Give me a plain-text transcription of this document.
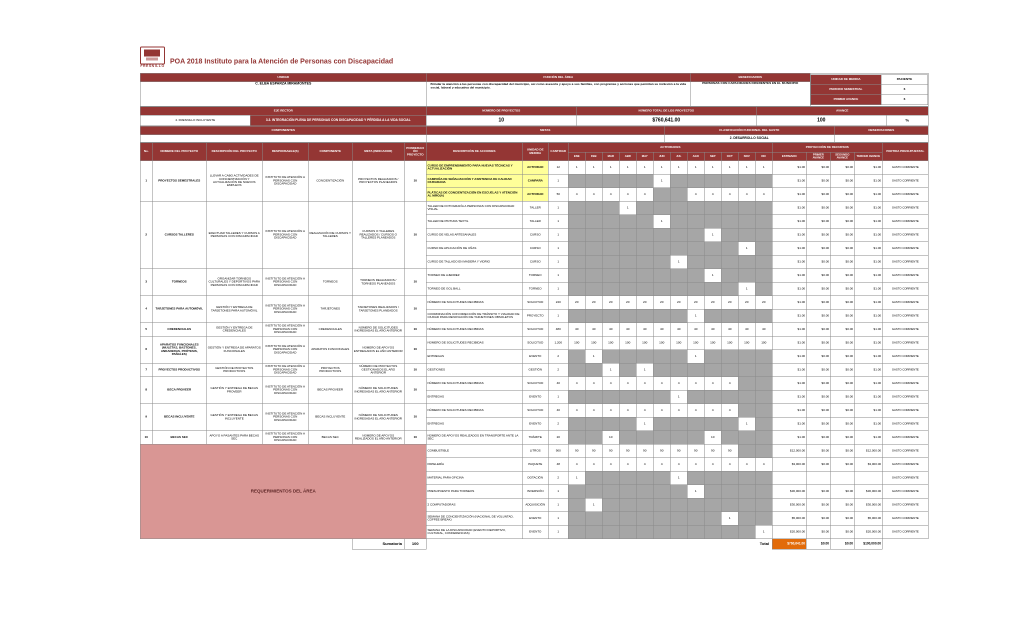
FRESNILLO
POA 2018 Instituto para la Atención de Personas con Discapacidad
UNIDAD	FUNCIÓN DEL ÁREA	BENEFICIARIOS	
UNIDAD DE MEDIDA	PACIENTE
PERIODO SEMESTRAL	6
PRIMER AVANCE	6

C. ELBA ESPARZA MIRAMONTES	Brindar la atención a las personas con discapacidad del municipio, así como asesoría y apoyo a sus familias, con programas y acciones que permitan su inclusión a la vida social, laboral y educativa del municipio.	PERSONAS CON CAPACIDADES DIFERENTES EN EL MUNICIPIO
EJE RECTOR		NÚMERO DE PROYECTOS	NÚMERO TOTAL DE LOS PROYECTOS	AVANCE	
4. FRESNILLO INCLUYENTE	3.3. INTEGRACIÓN PLENA DE PERSONAS CON DISCAPACIDAD Y PÉRDIDA A LA VIDA SOCIAL	10	$760,641.00	100	%
COMPONENTES	METAS	CLASIFICACIÓN FUNCIONAL DEL GASTO	OBSERVACIONES
		2. DESARROLLO SOCIAL	
No.	NOMBRE DEL PROYECTO	DESCRIPCIÓN DEL PROYECTO	RESPONSABLE(S)	COMPONENTE	META (INDICADOR)	PONDERACIÓN PROYECTO	DESCRIPCIÓN DE ACCIONES	UNIDAD DE MEDIDA	CANTIDAD	ACTIVIDADES												PROYECCIÓN DE RECURSOS				PARTIDA PRESUPUESTAL
										ENE	FEB	MAR	ABR	MAY	JUN	JUL	AGO	SEP	OCT	NOV	DIC	ESTIMADO	PRIMER AVANCE	SEGUNDO AVANCE	TERCER AVANCE	
1	PROYECTOS SEMESTRALES	LLEVAR A CABO ACTIVIDADES DE CONCIENTIZACIÓN Y ACTUALIZACIÓN DE NUEVOS EMPLEOS	INSTITUTO DE ATENCIÓN A PERSONAS CON DISCAPACIDAD	CONCIENTIZACIÓN	PROYECTOS REALIZADOS / PROYECTOS PLANEADOS	10	CURSO DE EMPRENDIMIENTO PARA NUEVAS TÉCNICAS Y ACTUALIZACIÓN	ACTIVIDAD	12	1	1	1	1	1	1	1	1	1	1	1	1	$1.00	$0.00	$0.00	$1.00	GASTO CORRIENTE
							CAMPAÑA DE SEÑALIZACIÓN Y ASISTENCIA DE CALIDAD CIUDADANA	CAMPAÑA	1						1							$1.00	$0.00	$0.00	$1.00	GASTO CORRIENTE
							PLÁTICAS DE CONCIENTIZACIÓN EN ESCUELAS Y ATENCIÓN AL NIÑO(A)	ACTIVIDAD	50	4	4	4	4	4			4	4	4	4	4	$1.00	$0.00	$0.00	$1.00	GASTO CORRIENTE
2	CURSOS TALLERES	EFECTUAR TALLERES Y CURSOS A PERSONAS CON DISCAPACIDAD	INSTITUTO DE ATENCIÓN A PERSONAS CON DISCAPACIDAD	REALIZACIÓN DE CURSOS Y TALLERES	CURSOS O TALLERES REALIZADOS / CURSOS O TALLERES PLANEADOS	10	TALLER DE FOTOGRAFÍA A PERSONAS CON DISCAPACIDAD VISUAL	TALLER	1				1									$1.00	$0.00	$0.00	$1.00	GASTO CORRIENTE
							TALLER DE PINTURA TEXTIL	TALLER	1						1							$1.00	$0.00	$0.00	$1.00	GASTO CORRIENTE
							CURSO DE VELAS ARTESANALES	CURSO	1									1				$1.00	$0.00	$0.00	$1.00	GASTO CORRIENTE
							CURSO DE APLICACIÓN DE UÑAS	CURSO	1											1		$1.00	$0.00	$0.00	$1.00	GASTO CORRIENTE
							CURSO DE TALLADO EN MADERA Y VIDRIO	CURSO	1							1						$1.00	$0.00	$0.00	$1.00	GASTO CORRIENTE
3	TORNEOS	ORGANIZAR TORNEOS CULTURALES Y DEPORTIVOS PARA PERSONAS CON DISCAPACIDAD	INSTITUTO DE ATENCIÓN A PERSONAS CON DISCAPACIDAD	TORNEOS	TORNEOS REALIZADOS / TORNEOS PLANEADOS	10	TORNEO DE AJEDREZ	TORNEO	1									1				$1.00	$0.00	$0.00	$1.00	GASTO CORRIENTE
							TORNEO DE GOL BALL	TORNEO	1											1		$1.00	$0.00	$0.00	$1.00	GASTO CORRIENTE
4	TARJETONES PARA AUTOMÓVIL	GESTIÓN Y ENTREGA DE TARJETONES PARA AUTOMÓVIL	INSTITUTO DE ATENCIÓN A PERSONAS CON DISCAPACIDAD	TARJETONES	TARJETONES REALIZADOS / TARJETONES PLANEADOS	10	NÚMERO DE SOLICITUDES RECIBIDAS	SOLICITUD	240	20	20	20	20	20	20	20	20	20	20	20	20	$1.00	$0.00	$0.00	$1.00	GASTO CORRIENTE
							COORDINACIÓN CON DIRECCIÓN DE TRÁNSITO Y VIALIDAD DE CIUDAD PARA RENOVACIÓN DE TARJETONES OBSOLETOS	PROYECTO	1								1					$1.00	$0.00	$0.00	$1.00	GASTO CORRIENTE
5	CREDENCIALES	GESTIÓN Y ENTREGA DE CREDENCIALES	INSTITUTO DE ATENCIÓN A PERSONAS CON DISCAPACIDAD	CREDENCIALES	NÚMERO DE SOLICITUDES INGRESADAS EL AÑO ANTERIOR	10	NÚMERO DE SOLICITUDES RECIBIDAS	SOLICITUD	480	40	40	40	40	40	40	40	40	40	40	40	40	$1.00	$0.00	$0.00	$1.00	GASTO CORRIENTE
6	APARATOS FUNCIONALES (MULETAS, BASTONES, ANDADERAS, PRÓTESIS, PAÑALES)	GESTIÓN Y ENTREGA DE APARATOS FUNCIONALES	INSTITUTO DE ATENCIÓN A PERSONAS CON DISCAPACIDAD	APARATOS FUNCIONALES	NÚMERO DE APOYOS ENTREGADOS EL AÑO ANTERIOR	10	NÚMERO DE SOLICITUDES RECIBIDAS	SOLICITUD	1,200	100	100	100	100	100	100	100	100	100	100	100	100	$1.00	$0.00	$0.00	$1.00	GASTO CORRIENTE
							ENTREGAS	EVENTO	2		1						1					$1.00	$0.00	$0.00	$1.00	GASTO CORRIENTE
7	PROYECTOS PRODUCTIVOS	GESTIÓN DE PROYECTOS PRODUCTIVOS	INSTITUTO DE ATENCIÓN A PERSONAS CON DISCAPACIDAD	PROYECTOS PRODUCTIVOS	NÚMERO DE PROYECTOS GESTIONADOS EL AÑO ANTERIOR	10	GESTIONES	GESTIÓN	2			1		1								$1.00	$0.00	$0.00	$1.00	GASTO CORRIENTE
8	BECA PROVEER	GESTIÓN Y ENTREGA DE BECAS PROVEER	INSTITUTO DE ATENCIÓN A PERSONAS CON DISCAPACIDAD	BECAS PROVEER	NÚMERO DE SOLICITUDES INGRESADAS EL AÑO ANTERIOR	10	NÚMERO DE SOLICITUDES RECIBIDAS	SOLICITUD	40	4	4	4	4	4	4	4	4	4	4			$1.00	$0.00	$0.00	$1.00	GASTO CORRIENTE
							ENTREGAS	EVENTO	1							1						$1.00	$0.00	$0.00	$1.00	GASTO CORRIENTE
9	BECAS INCLUYENTE	GESTIÓN Y ENTREGA DE BECAS INCLUYENTE	INSTITUTO DE ATENCIÓN A PERSONAS CON DISCAPACIDAD	BECAS INCLUYENTE	NÚMERO DE SOLICITUDES INGRESADAS EL AÑO ANTERIOR	10	NÚMERO DE SOLICITUDES RECIBIDAS	SOLICITUD	40	4	4	4	4	4	4	4	4	4	4			$1.00	$0.00	$0.00	$1.00	GASTO CORRIENTE
							ENTREGAS	EVENTO	2					1						1		$1.00	$0.00	$0.00	$1.00	GASTO CORRIENTE
10	BECAS SEC	APOYO A PASANTES PARA BECAS SEC	INSTITUTO DE ATENCIÓN A PERSONAS CON DISCAPACIDAD	BECAS SEC	NÚMERO DE APOYOS REALIZADOS EL AÑO ANTERIOR	10	NÚMERO DE APOYOS REALIZADOS EN TRANSPORTE ANTE LA SEC	TRÁMITE	20			10						10				$1.00	$0.00	$0.00	$1.00	GASTO CORRIENTE

REQUERIMIENTOS DEL ÁREA							COMBUSTIBLE	LITROS	900	90	90	90	90	90	90	90	90	90	90			$12,000.00	$0.00	$0.00	$12,000.00	GASTO CORRIENTE
							PAPELERÍA	PAQUETE	48	4	4	4	4	4	4	4	4	4	4	4	4	$3,000.00	$0.00	$0.00	$3,000.00	GASTO CORRIENTE
							MATERIAL PARA OFICINA	DOTACIÓN	2	1						1										GASTO CORRIENTE
							PRESUPUESTO PARA TORNEOS	INVERSIÓN	1								1					$30,000.00	$0.00	$0.00	$30,000.00	GASTO CORRIENTE
							2 COMPUTADORAS	ADQUISICIÓN	1		1											$30,000.00	$0.00	$0.00	$30,000.00	GASTO CORRIENTE
							SEMANA DE CONCIENTIZACIÓN (NACIONAL DE VOLUNTAD, COFFEE BREAK)	EVENTO	1										1			$5,000.00	$0.00	$0.00	$5,000.00	GASTO CORRIENTE
							SEMANA DE LA DISCAPACIDAD (EVENTO DEPORTIVO, CULTURAL, CONFERENCIAS)	EVENTO	1												1	$20,000.00	$0.00	$0.00	$20,000.00	GASTO CORRIENTE
					Sumatoria	100	Total															$760,641.00	$0.00	$0.00	$100,000.00	
